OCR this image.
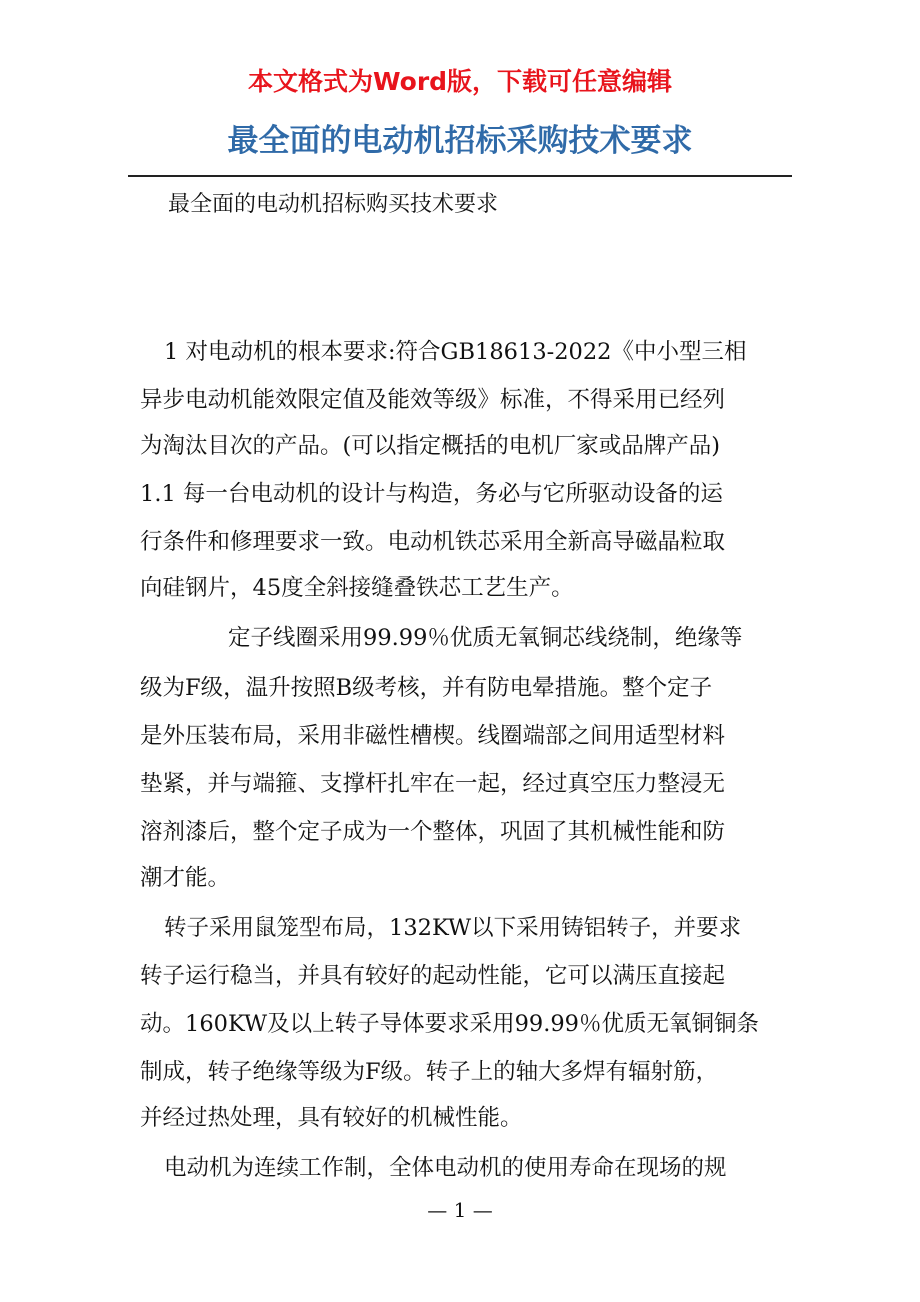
本文格式为Word版，下载可任意编辑
最全面的电动机招标采购技术要求
最全面的电动机招标购买技术要求
1 对电动机的根本要求:符合GB18613-2022《中小型三相
异步电动机能效限定值及能效等级》标准，不得采用已经列
为淘汰目次的产品。(可以指定概括的电机厂家或品牌产品)
1.1 每一台电动机的设计与构造，务必与它所驱动设备的运
行条件和修理要求一致。电动机铁芯采用全新高导磁晶粒取
向硅钢片，45度全斜接缝叠铁芯工艺生产。
定子线圈采用99.99％优质无氧铜芯线绕制，绝缘等
级为F级，温升按照B级考核，并有防电晕措施。整个定子
是外压装布局，采用非磁性槽楔。线圈端部之间用适型材料
垫紧，并与端箍、支撑杆扎牢在一起，经过真空压力整浸无
溶剂漆后，整个定子成为一个整体，巩固了其机械性能和防
潮才能。
转子采用鼠笼型布局，132KW以下采用铸铝转子，并要求
转子运行稳当，并具有较好的起动性能，它可以满压直接起
动。160KW及以上转子导体要求采用99.99％优质无氧铜铜条
制成，转子绝缘等级为F级。转子上的轴大多焊有辐射筋，
并经过热处理，具有较好的机械性能。
电动机为连续工作制，全体电动机的使用寿命在现场的规
— 1 —
